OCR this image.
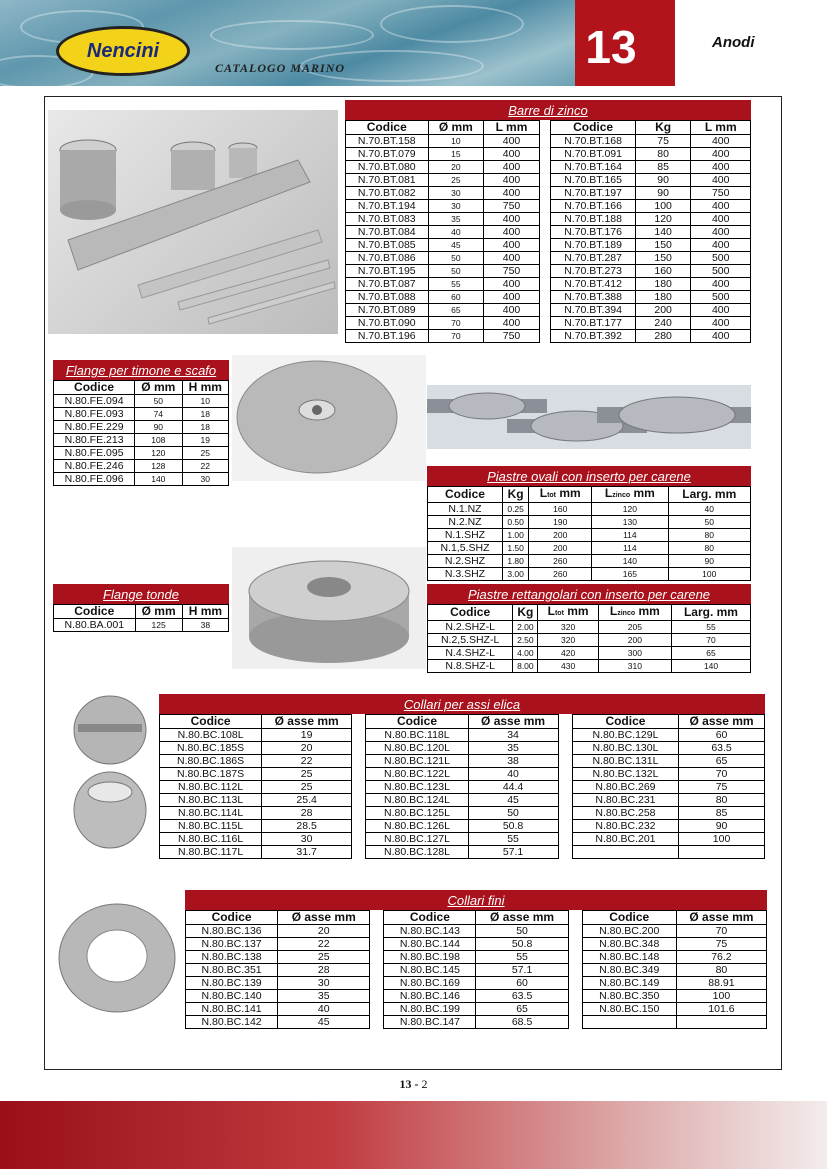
Nencini
CATALOGO MARINO	13	Anodi
Barre di zinco
Codice	Ø mm	L mm		Codice	Kg	L mm
N.70.BT.158	10	400		N.70.BT.168	75	400
N.70.BT.079	15	400		N.70.BT.091	80	400
N.70.BT.080	20	400		N.70.BT.164	85	400
N.70.BT.081	25	400		N.70.BT.165	90	400
N.70.BT.082	30	400		N.70.BT.197	90	750
N.70.BT.194	30	750		N.70.BT.166	100	400
N.70.BT.083	35	400		N.70.BT.188	120	400
N.70.BT.084	40	400		N.70.BT.176	140	400
N.70.BT.085	45	400		N.70.BT.189	150	400
N.70.BT.086	50	400		N.70.BT.287	150	500
N.70.BT.195	50	750		N.70.BT.273	160	500
N.70.BT.087	55	400		N.70.BT.412	180	400
N.70.BT.088	60	400		N.70.BT.388	180	500
N.70.BT.089	65	400		N.70.BT.394	200	400
N.70.BT.090	70	400		N.70.BT.177	240	400
N.70.BT.196	70	750		N.70.BT.392	280	400
Flange per timone e scafo
Codice	Ø mm	H mm
N.80.FE.094	50	10
N.80.FE.093	74	18
N.80.FE.229	90	18
N.80.FE.213	108	19
N.80.FE.095	120	25
N.80.FE.246	128	22
N.80.FE.096	140	30
Flange tonde
Codice	Ø mm	H mm
N.80.BA.001	125	38
Piastre ovali con inserto per carene
Codice	Kg	Ltot mm	Lzinco mm	Larg. mm
N.1.NZ	0.25	160	120	40
N.2.NZ	0.50	190	130	50
N.1.SHZ	1.00	200	114	80
N.1,5.SHZ	1.50	200	114	80
N.2.SHZ	1.80	260	140	90
N.3.SHZ	3.00	260	165	100
Piastre rettangolari con inserto per carene
Codice	Kg	Ltot mm	Lzinco mm	Larg. mm
N.2.SHZ-L	2.00	320	205	55
N.2,5.SHZ-L	2.50	320	200	70
N.4.SHZ-L	4.00	420	300	65
N.8.SHZ-L	8.00	430	310	140
Collari per assi elica
Codice	Ø asse mm		Codice	Ø asse mm		Codice	Ø asse mm
N.80.BC.108L	19		N.80.BC.118L	34		N.80.BC.129L	60
N.80.BC.185S	20		N.80.BC.120L	35		N.80.BC.130L	63.5
N.80.BC.186S	22		N.80.BC.121L	38		N.80.BC.131L	65
N.80.BC.187S	25		N.80.BC.122L	40		N.80.BC.132L	70
N.80.BC.112L	25		N.80.BC.123L	44.4		N.80.BC.269	75
N.80.BC.113L	25.4		N.80.BC.124L	45		N.80.BC.231	80
N.80.BC.114L	28		N.80.BC.125L	50		N.80.BC.258	85
N.80.BC.115L	28.5		N.80.BC.126L	50.8		N.80.BC.232	90
N.80.BC.116L	30		N.80.BC.127L	55		N.80.BC.201	100
N.80.BC.117L	31.7		N.80.BC.128L	57.1			
Collari fini
Codice	Ø asse mm		Codice	Ø asse mm		Codice	Ø asse mm
N.80.BC.136	20		N.80.BC.143	50		N.80.BC.200	70
N.80.BC.137	22		N.80.BC.144	50.8		N.80.BC.348	75
N.80.BC.138	25		N.80.BC.198	55		N.80.BC.148	76.2
N.80.BC.351	28		N.80.BC.145	57.1		N.80.BC.349	80
N.80.BC.139	30		N.80.BC.169	60		N.80.BC.149	88.91
N.80.BC.140	35		N.80.BC.146	63.5		N.80.BC.350	100
N.80.BC.141	40		N.80.BC.199	65		N.80.BC.150	101.6
N.80.BC.142	45		N.80.BC.147	68.5			
13 - 2
